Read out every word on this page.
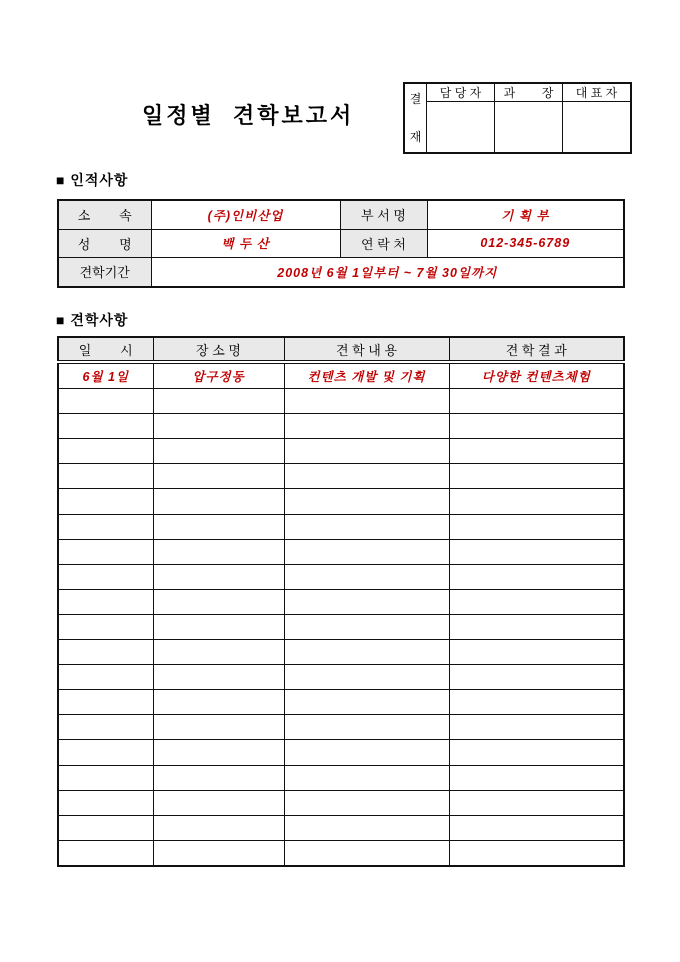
일정별  견학보고서
결
재	담 당 자	과        장	대 표 자

■ 인적사항
소        속	(주)인비산업	부 서 명	기 획 부
성        명	백 두 산	연 락 처	012-345-6789
견학기간	2008년 6월 1일부터 ~ 7월 30일까지		
■ 견학사항
일        시	장 소 명	견 학 내 용	견 학 결 과
6월 1일	압구정동	컨텐츠 개발 및 기획	다양한 컨텐츠체험
